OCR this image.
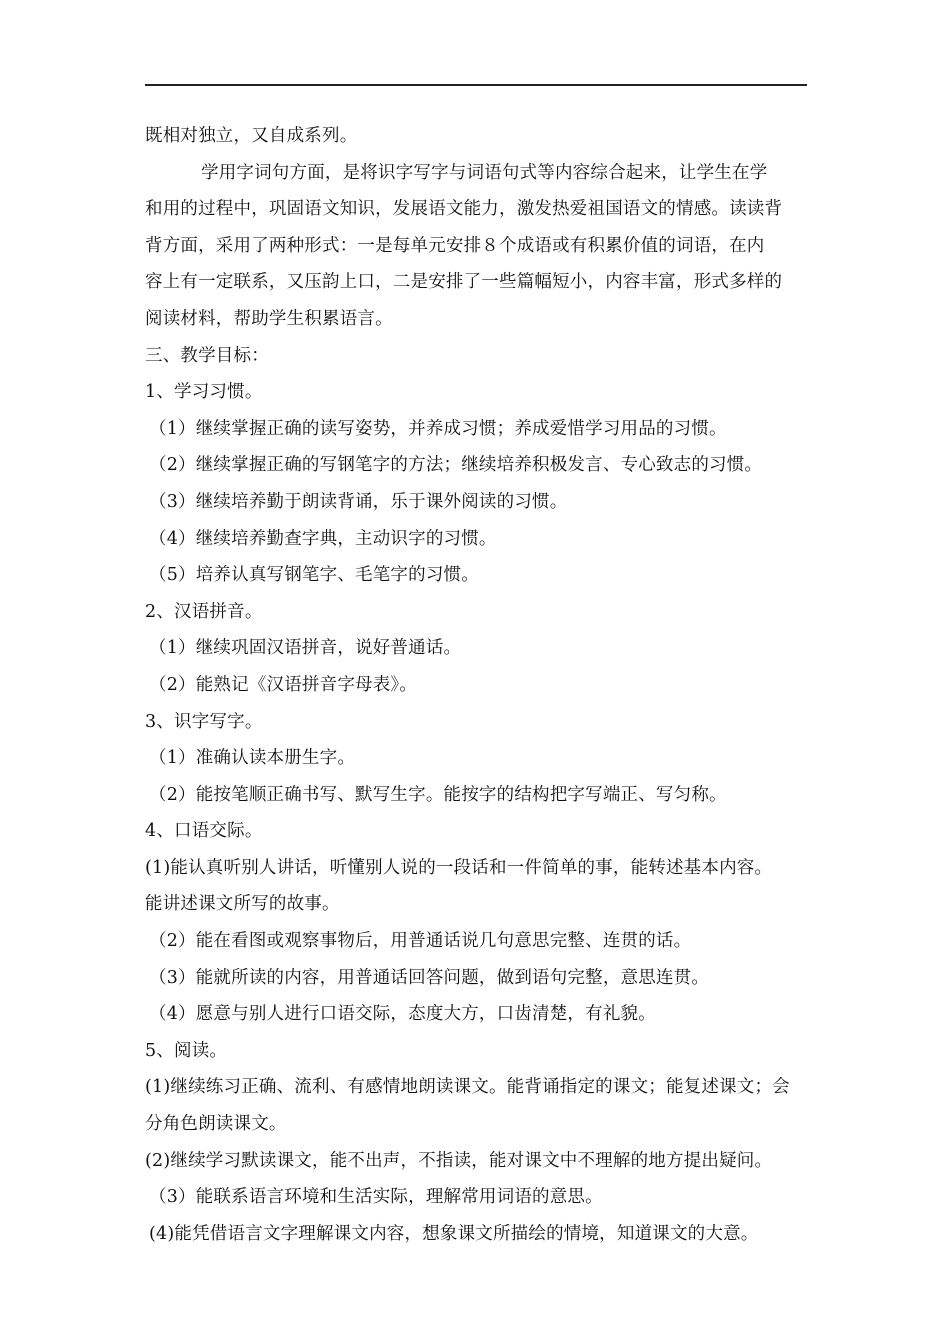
既相对独立，又自成系列。
学用字词句方面，是将识字写字与词语句式等内容综合起来，让学生在学
和用的过程中，巩固语文知识，发展语文能力，激发热爱祖国语文的情感。读读背
背方面，采用了两种形式：一是每单元安排８个成语或有积累价值的词语，在内
容上有一定联系，又压韵上口，二是安排了一些篇幅短小，内容丰富，形式多样的
阅读材料，帮助学生积累语言。
三、教学目标：
1、学习习惯。
（1）继续掌握正确的读写姿势，并养成习惯；养成爱惜学习用品的习惯。
（2）继续掌握正确的写钢笔字的方法；继续培养积极发言、专心致志的习惯。
（3）继续培养勤于朗读背诵，乐于课外阅读的习惯。
（4）继续培养勤查字典，主动识字的习惯。
（5）培养认真写钢笔字、毛笔字的习惯。
2、汉语拼音。
（1）继续巩固汉语拼音，说好普通话。
（2）能熟记《汉语拼音字母表》。
3、识字写字。
（1）准确认读本册生字。
（2）能按笔顺正确书写、默写生字。能按字的结构把字写端正、写匀称。
4、口语交际。
(1)能认真听别人讲话，听懂别人说的一段话和一件简单的事，能转述基本内容。
能讲述课文所写的故事。
（2）能在看图或观察事物后，用普通话说几句意思完整、连贯的话。
（3）能就所读的内容，用普通话回答问题，做到语句完整，意思连贯。
（4）愿意与别人进行口语交际，态度大方，口齿清楚，有礼貌。
5、阅读。
(1)继续练习正确、流利、有感情地朗读课文。能背诵指定的课文；能复述课文；会
分角色朗读课文。
(2)继续学习默读课文，能不出声，不指读，能对课文中不理解的地方提出疑问。
（3）能联系语言环境和生活实际，理解常用词语的意思。
(4)能凭借语言文字理解课文内容，想象课文所描绘的情境，知道课文的大意。
